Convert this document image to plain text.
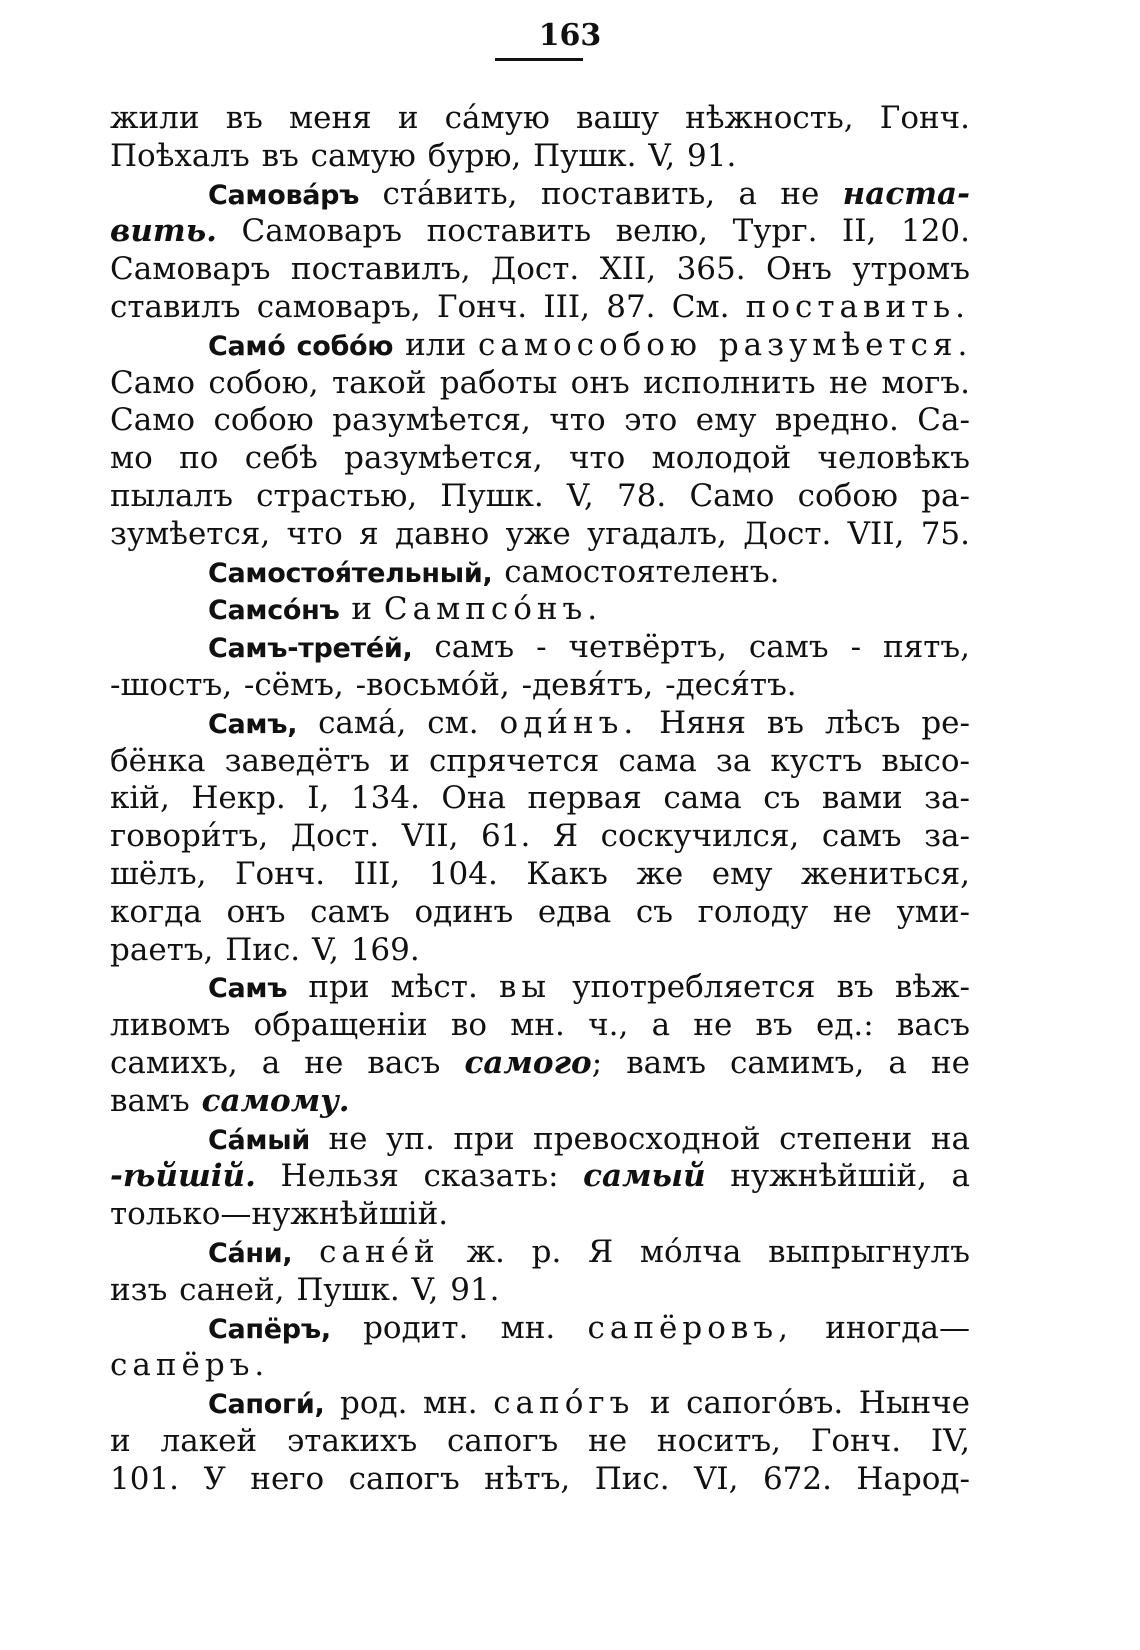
163
жили въ меня и са́мую вашу нѣжность, Гонч.
Поѣхалъ въ самую бурю, Пушк. V, 91.
Самова́ръ ста́вить, поставить, а не наста-
вить. Самоваръ поставить велю, Тург. II, 120.
Самоваръ поставилъ, Дост. XII, 365. Онъ утромъ
ставилъ самоваръ, Гонч. III, 87. См. поставить.
Само́ собо́ю или самособою разумѣется.
Само собою, такой работы онъ исполнить не могъ.
Само собою разумѣется, что это ему вредно. Са-
мо по себѣ разумѣется, что молодой человѣкъ
пылалъ страстью, Пушк. V, 78. Само собою ра-
зумѣется, что я давно уже угадалъ, Дост. VII, 75.
Самостоя́тельный, самостоятеленъ.
Самсо́нъ и Сампсо́нъ.
Самъ-третéй, самъ - четвёртъ, самъ - пятъ,
-шостъ, -сёмъ, -восьмо́й, -девя́тъ, -деся́тъ.
Самъ, сама́, см. оди́нъ. Няня въ лѣсъ ре-
бёнка заведётъ и спрячется сама за кустъ высо-
кій, Некр. I, 134. Она первая сама съ вами за-
говори́тъ, Дост. VII, 61. Я соскучился, самъ за-
шёлъ, Гонч. III, 104. Какъ же ему жениться,
когда онъ самъ одинъ едва съ голоду не уми-
раетъ, Пис. V, 169.
Самъ при мѣст. вы употребляется въ вѣж-
ливомъ обращеніи во мн. ч., а не въ ед.: васъ
самихъ, а не васъ самого; вамъ самимъ, а не
вамъ самому.
Са́мый не уп. при превосходной степени на
-ѣйшій. Нельзя сказать: самый нужнѣйшій, а
только—нужнѣйшій.
Са́ни, сане́й ж. р. Я мо́лча выпрыгнулъ
изъ саней, Пушк. V, 91.
Сапёръ, родит. мн. сапёровъ, иногда—
сапёръ.
Сапоги́, род. мн. сапо́гъ и сапого́въ. Нынче
и лакей этакихъ сапогъ не носитъ, Гонч. IV,
101. У него сапогъ нѣтъ, Пис. VI, 672. Народ-
